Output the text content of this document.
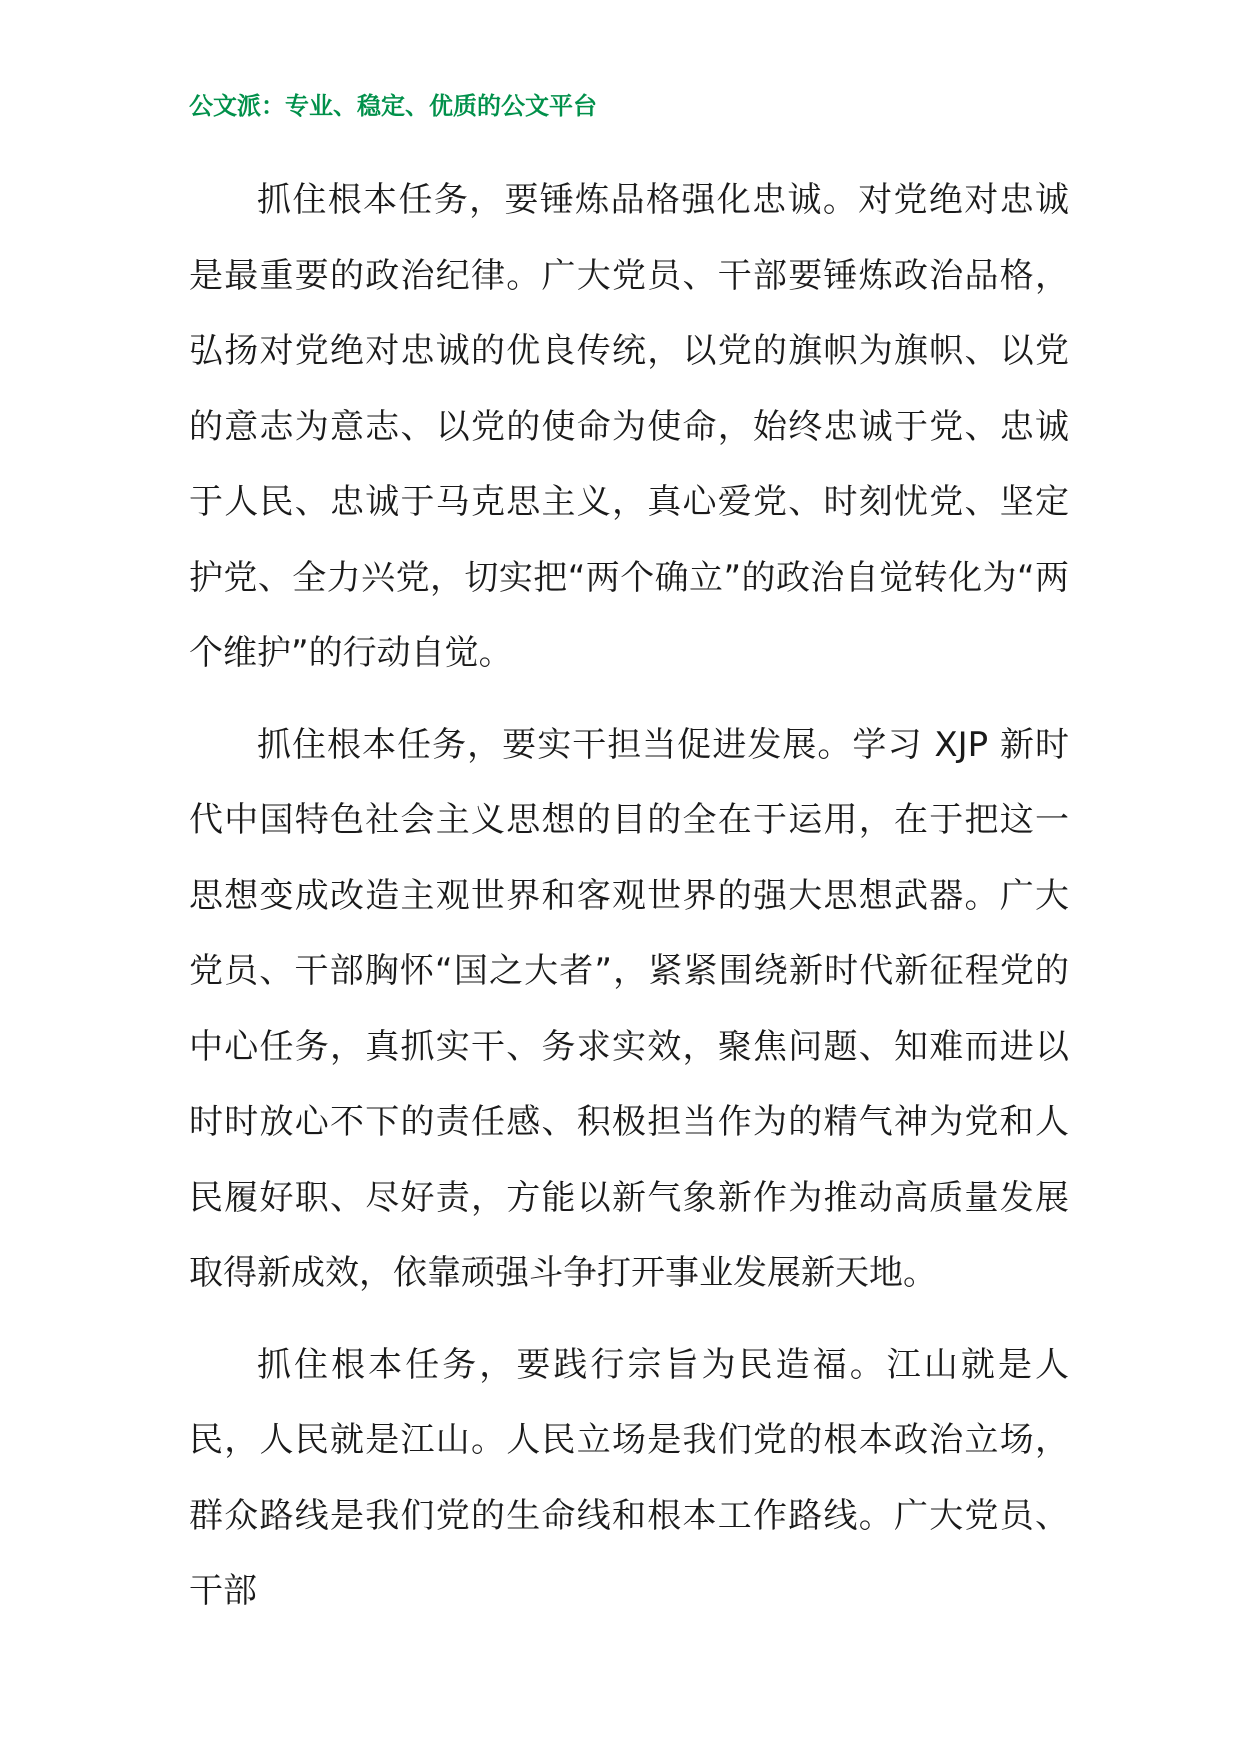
公文派：专业、稳定、优质的公文平台

抓住根本任务，要锤炼品格强化忠诚。对党绝对忠诚是最重要的政治纪律。广大党员、干部要锤炼政治品格，弘扬对党绝对忠诚的优良传统，以党的旗帜为旗帜、以党的意志为意志、以党的使命为使命，始终忠诚于党、忠诚于人民、忠诚于马克思主义，真心爱党、时刻忧党、坚定护党、全力兴党，切实把“两个确立”的政治自觉转化为“两个维护”的行动自觉。

抓住根本任务，要实干担当促进发展。学习 XJP 新时代中国特色社会主义思想的目的全在于运用，在于把这一思想变成改造主观世界和客观世界的强大思想武器。广大党员、干部胸怀“国之大者”，紧紧围绕新时代新征程党的中心任务，真抓实干、务求实效，聚焦问题、知难而进以时时放心不下的责任感、积极担当作为的精气神为党和人民履好职、尽好责，方能以新气象新作为推动高质量发展取得新成效，依靠顽强斗争打开事业发展新天地。

抓住根本任务，要践行宗旨为民造福。江山就是人民，人民就是江山。人民立场是我们党的根本政治立场，群众路线是我们党的生命线和根本工作路线。广大党员、干部
